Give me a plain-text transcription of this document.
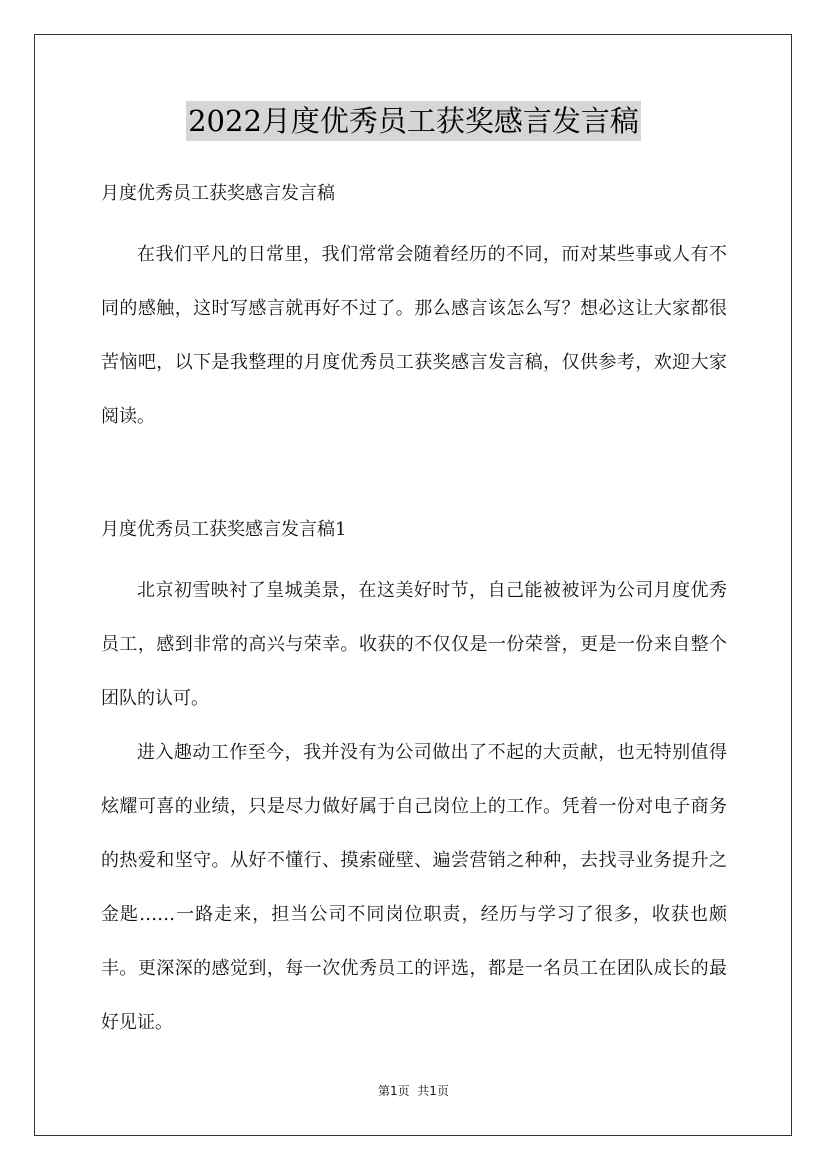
2022月度优秀员工获奖感言发言稿

月度优秀员工获奖感言发言稿

在我们平凡的日常里，我们常常会随着经历的不同，而对某些事或人有不同的感触，这时写感言就再好不过了。那么感言该怎么写？想必这让大家都很苦恼吧，以下是我整理的月度优秀员工获奖感言发言稿，仅供参考，欢迎大家阅读。

月度优秀员工获奖感言发言稿1

北京初雪映衬了皇城美景，在这美好时节，自己能被被评为公司月度优秀员工，感到非常的高兴与荣幸。收获的不仅仅是一份荣誉，更是一份来自整个团队的认可。

进入趣动工作至今，我并没有为公司做出了不起的大贡献，也无特别值得炫耀可喜的业绩，只是尽力做好属于自己岗位上的工作。凭着一份对电子商务的热爱和坚守。从好不懂行、摸索碰壁、遍尝营销之种种，去找寻业务提升之金匙……一路走来，担当公司不同岗位职责，经历与学习了很多，收获也颇丰。更深深的感觉到，每一次优秀员工的评选，都是一名员工在团队成长的最好见证。

第1页  共1页
